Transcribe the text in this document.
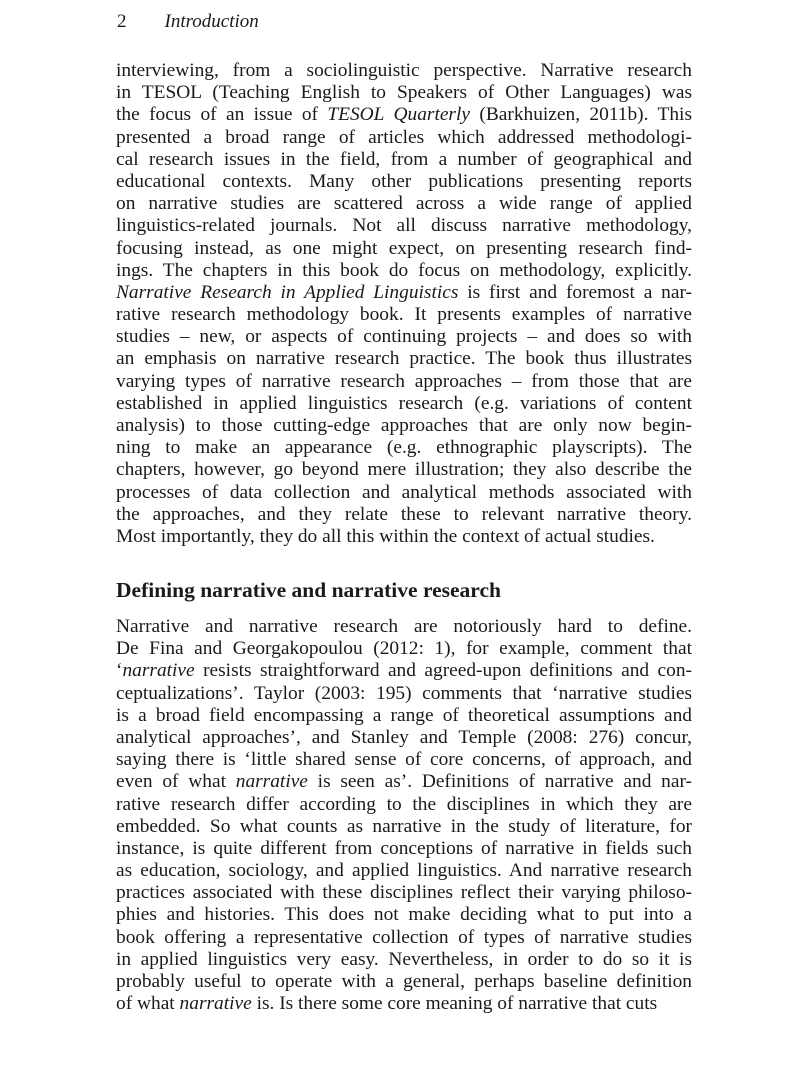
2 Introduction
interviewing, from a sociolinguistic perspective. Narrative research
in TESOL (Teaching English to Speakers of Other Languages) was
the focus of an issue of TESOL Quarterly (Barkhuizen, 2011b). This
presented a broad range of articles which addressed methodologi-
cal research issues in the field, from a number of geographical and
educational contexts. Many other publications presenting reports
on narrative studies are scattered across a wide range of applied
linguistics-related journals. Not all discuss narrative methodology,
focusing instead, as one might expect, on presenting research find-
ings. The chapters in this book do focus on methodology, explicitly.
Narrative Research in Applied Linguistics is first and foremost a nar-
rative research methodology book. It presents examples of narrative
studies – new, or aspects of continuing projects – and does so with
an emphasis on narrative research practice. The book thus illustrates
varying types of narrative research approaches – from those that are
established in applied linguistics research (e.g. variations of content
analysis) to those cutting-edge approaches that are only now begin-
ning to make an appearance (e.g. ethnographic playscripts). The
chapters, however, go beyond mere illustration; they also describe the
processes of data collection and analytical methods associated with
the approaches, and they relate these to relevant narrative theory.
Most importantly, they do all this within the context of actual studies.
Defining narrative and narrative research
Narrative and narrative research are notoriously hard to define.
De Fina and Georgakopoulou (2012: 1), for example, comment that
‘narrative resists straightforward and agreed-upon definitions and con-
ceptualizations’. Taylor (2003: 195) comments that ‘narrative studies
is a broad field encompassing a range of theoretical assumptions and
analytical approaches’, and Stanley and Temple (2008: 276) concur,
saying there is ‘little shared sense of core concerns, of approach, and
even of what narrative is seen as’. Definitions of narrative and nar-
rative research differ according to the disciplines in which they are
embedded. So what counts as narrative in the study of literature, for
instance, is quite different from conceptions of narrative in fields such
as education, sociology, and applied linguistics. And narrative research
practices associated with these disciplines reflect their varying philoso-
phies and histories. This does not make deciding what to put into a
book offering a representative collection of types of narrative studies
in applied linguistics very easy. Nevertheless, in order to do so it is
probably useful to operate with a general, perhaps baseline definition
of what narrative is. Is there some core meaning of narrative that cuts
